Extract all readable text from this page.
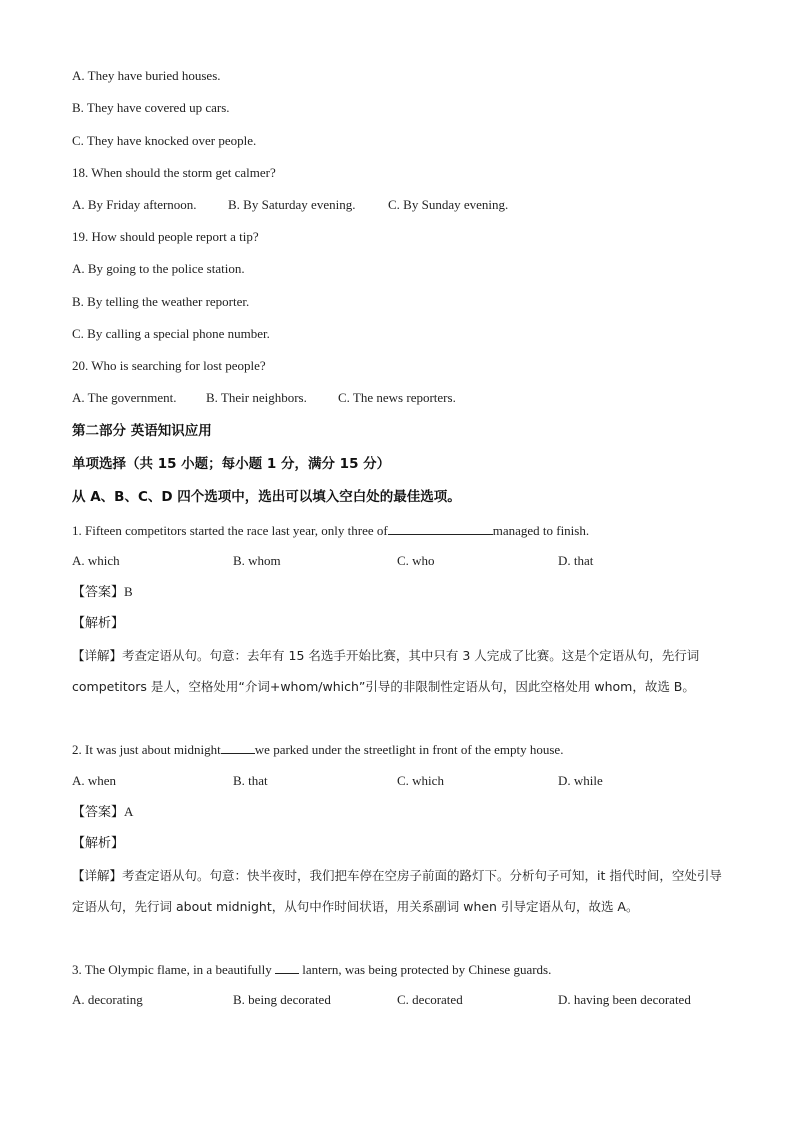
A. They have buried houses.
B. They have covered up cars.
C. They have knocked over people.
18. When should the storm get calmer?
A. By Friday afternoon. B. By Saturday evening.	C. By Sunday evening.
19. How should people report a tip?
A. By going to the police station.
B. By telling the weather reporter.
C. By calling a special phone number.
20. Who is searching for lost people?
A. The government. B. Their neighbors. C. The news reporters.
第二部分 英语知识应用
单项选择（共 15 小题；每小题 1 分，满分 15 分）
从 A、B、C、D 四个选项中，选出可以填入空白处的最佳选项。
1. Fifteen competitors started the race last year, only three of	managed to finish.
A. which	B. whom	C. who	D. that
【答案】B
【解析】
【详解】考查定语从句。句意：去年有 15 名选手开始比赛，其中只有 3 人完成了比赛。这是个定语从句，先行词 competitors 是人，空格处用“介词+whom/which”引导的非限制性定语从句，因此空格处用 whom，故选 B。
2. It was just about midnight	we parked under the streetlight in front of the empty house.
A. when	B. that	C. which	D. while
【答案】A
【解析】
【详解】考查定语从句。句意：快半夜时，我们把车停在空房子前面的路灯下。分析句子可知，it 指代时间，空处引导定语从句，先行词 about midnight，从句中作时间状语，用关系副词 when 引导定语从句，故选 A。
3. The Olympic flame, in a beautifully lantern, was being protected by Chinese guards.
A. decorating	B. being decorated	C. decorated	D. having been decorated
